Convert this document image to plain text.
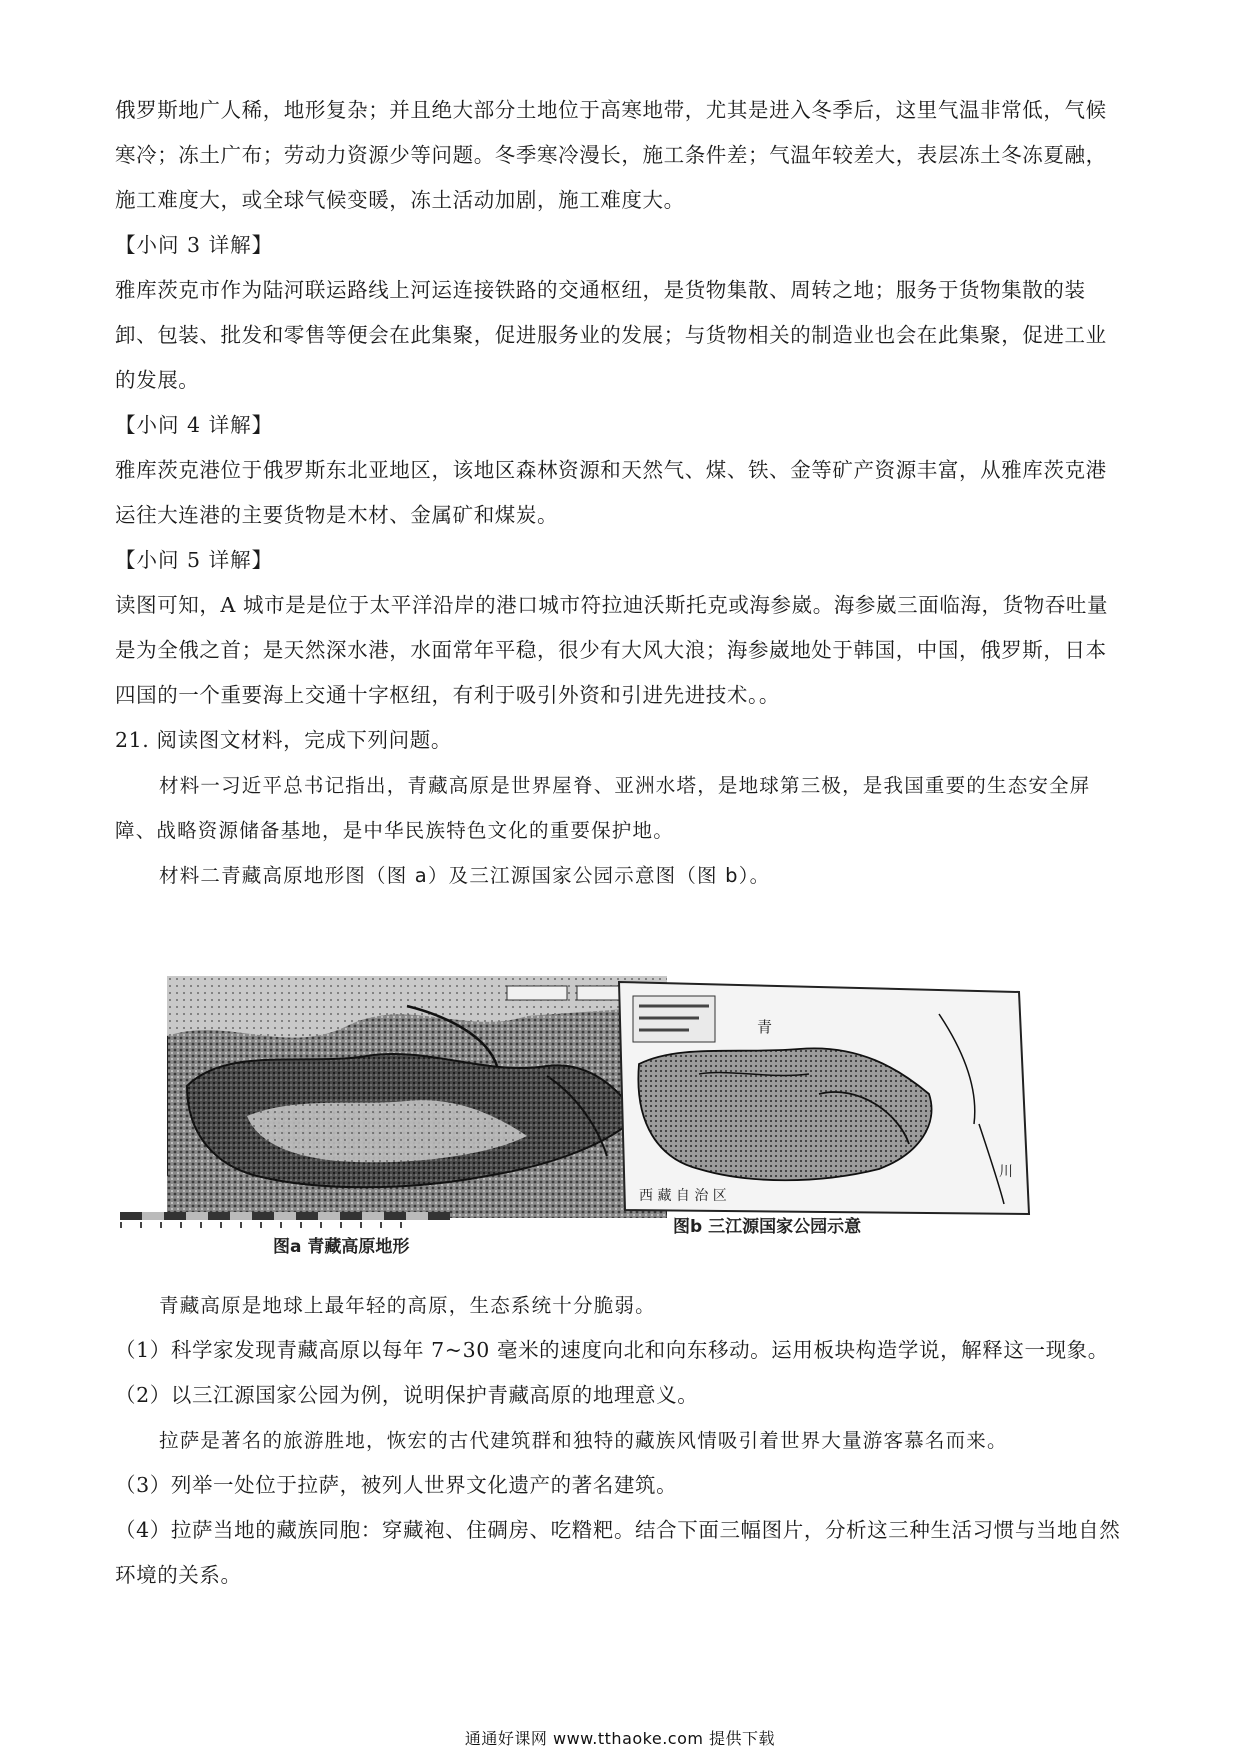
俄罗斯地广人稀，地形复杂；并且绝大部分土地位于高寒地带，尤其是进入冬季后，这里气温非常低，气候寒冷；冻土广布；劳动力资源少等问题。冬季寒冷漫长，施工条件差；气温年较差大，表层冻土冬冻夏融，施工难度大，或全球气候变暖，冻土活动加剧，施工难度大。
【小问 3 详解】
雅库茨克市作为陆河联运路线上河运连接铁路的交通枢纽，是货物集散、周转之地；服务于货物集散的装卸、包装、批发和零售等便会在此集聚，促进服务业的发展；与货物相关的制造业也会在此集聚，促进工业的发展。
【小问 4 详解】
雅库茨克港位于俄罗斯东北亚地区，该地区森林资源和天然气、煤、铁、金等矿产资源丰富，从雅库茨克港运往大连港的主要货物是木材、金属矿和煤炭。
【小问 5 详解】
读图可知，A 城市是是位于太平洋沿岸的港口城市符拉迪沃斯托克或海参崴。海参崴三面临海，货物吞吐量是为全俄之首；是天然深水港，水面常年平稳，很少有大风大浪；海参崴地处于韩国，中国，俄罗斯，日本四国的一个重要海上交通十字枢纽，有利于吸引外资和引进先进技术。。
21. 阅读图文材料，完成下列问题。
材料一习近平总书记指出，青藏高原是世界屋脊、亚洲水塔，是地球第三极，是我国重要的生态安全屏障、战略资源储备基地，是中华民族特色文化的重要保护地。
材料二青藏高原地形图（图 a）及三江源国家公园示意图（图 b）。
青
西 藏 自 治 区
川
图a 青藏高原地形
图b 三江源国家公园示意
青藏高原是地球上最年轻的高原，生态系统十分脆弱。
（1）科学家发现青藏高原以每年 7~30 毫米的速度向北和向东移动。运用板块构造学说，解释这一现象。
（2）以三江源国家公园为例，说明保护青藏高原的地理意义。
拉萨是著名的旅游胜地，恢宏的古代建筑群和独特的藏族风情吸引着世界大量游客慕名而来。
（3）列举一处位于拉萨，被列人世界文化遗产的著名建筑。
（4）拉萨当地的藏族同胞：穿藏袍、住碉房、吃糌粑。结合下面三幅图片，分析这三种生活习惯与当地自然环境的关系。
通通好课网 www.tthaoke.com 提供下载
